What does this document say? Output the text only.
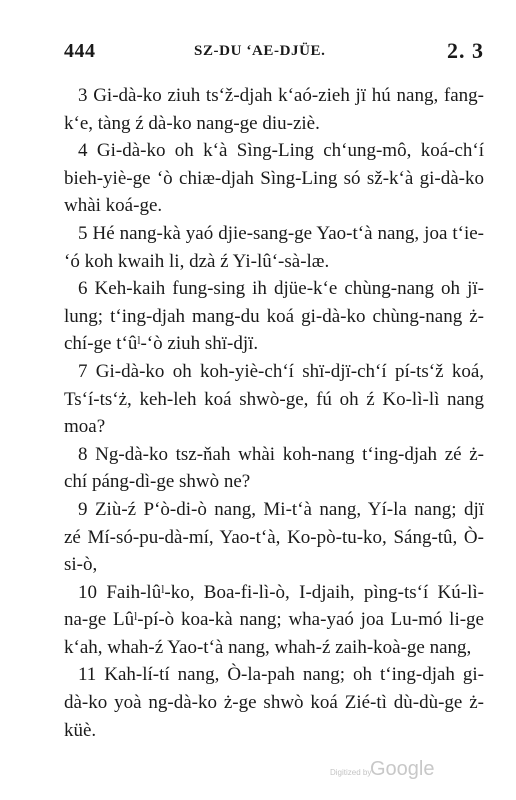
444	SZ-DU ʻAE-DJÜE.	2. 3

3 Gi-dà-ko ziuh tsʻž-djah kʻaó-zieh jï hú nang, fang-kʻe, tàng ź dà-ko nang-ge diu-ziè.

4 Gi-dà-ko oh kʻà Sìng-Ling chʻung-mô, koá-chʻí bieh-yiè-ge ʻò chiæ-djah Sìng-Ling só sž-kʻà gi-dà-ko whài koá-ge.

5 Hé nang-kà yaó djie-sang-ge Yao-tʻà nang, joa tʻie-ʻó koh kwaih li, dzà ź Yi-lûʻ-sà-læ.

6 Keh-kaih fung-sing ih djüe-kʻe chùng-nang oh jï-lung; tʻing-djah mang-du koá gi-dà-ko chùng-nang ż-chí-ge tʻûˡ-ʻò ziuh shï-djï.

7 Gi-dà-ko oh koh-yiè-chʻí shï-djï-chʻí pí-tsʻž koá, Tsʻí-tsʻż, keh-leh koá shwò-ge, fú oh ź Ko-lì-lì nang moa?

8 Ng-dà-ko tsz-ňah whài koh-nang tʻing-djah zé ż-chí páng-dì-ge shwò ne?

9 Ziù-ź Pʻò-di-ò nang, Mi-tʻà nang, Yí-la nang; djï zé Mí-só-pu-dà-mí, Yao-tʻà, Ko-pò-tu-ko, Sáng-tû, Ò-si-ò,

10 Faih-lûˡ-ko, Boa-fi-lì-ò, I-djaih, pìng-tsʻí Kú-lì-na-ge Lûˡ-pí-ò koa-kà nang; wha-yaó joa Lu-mó li-ge kʻah, whah-ź Yao-tʻà nang, whah-ź zaih-koà-ge nang,

11 Kah-lí-tí nang, Ò-la-pah nang; oh tʻing-djah gi-dà-ko yoà ng-dà-ko ż-ge shwò koá Zié-tì dù-dù-ge ż-küè.

Digitized by
Google
